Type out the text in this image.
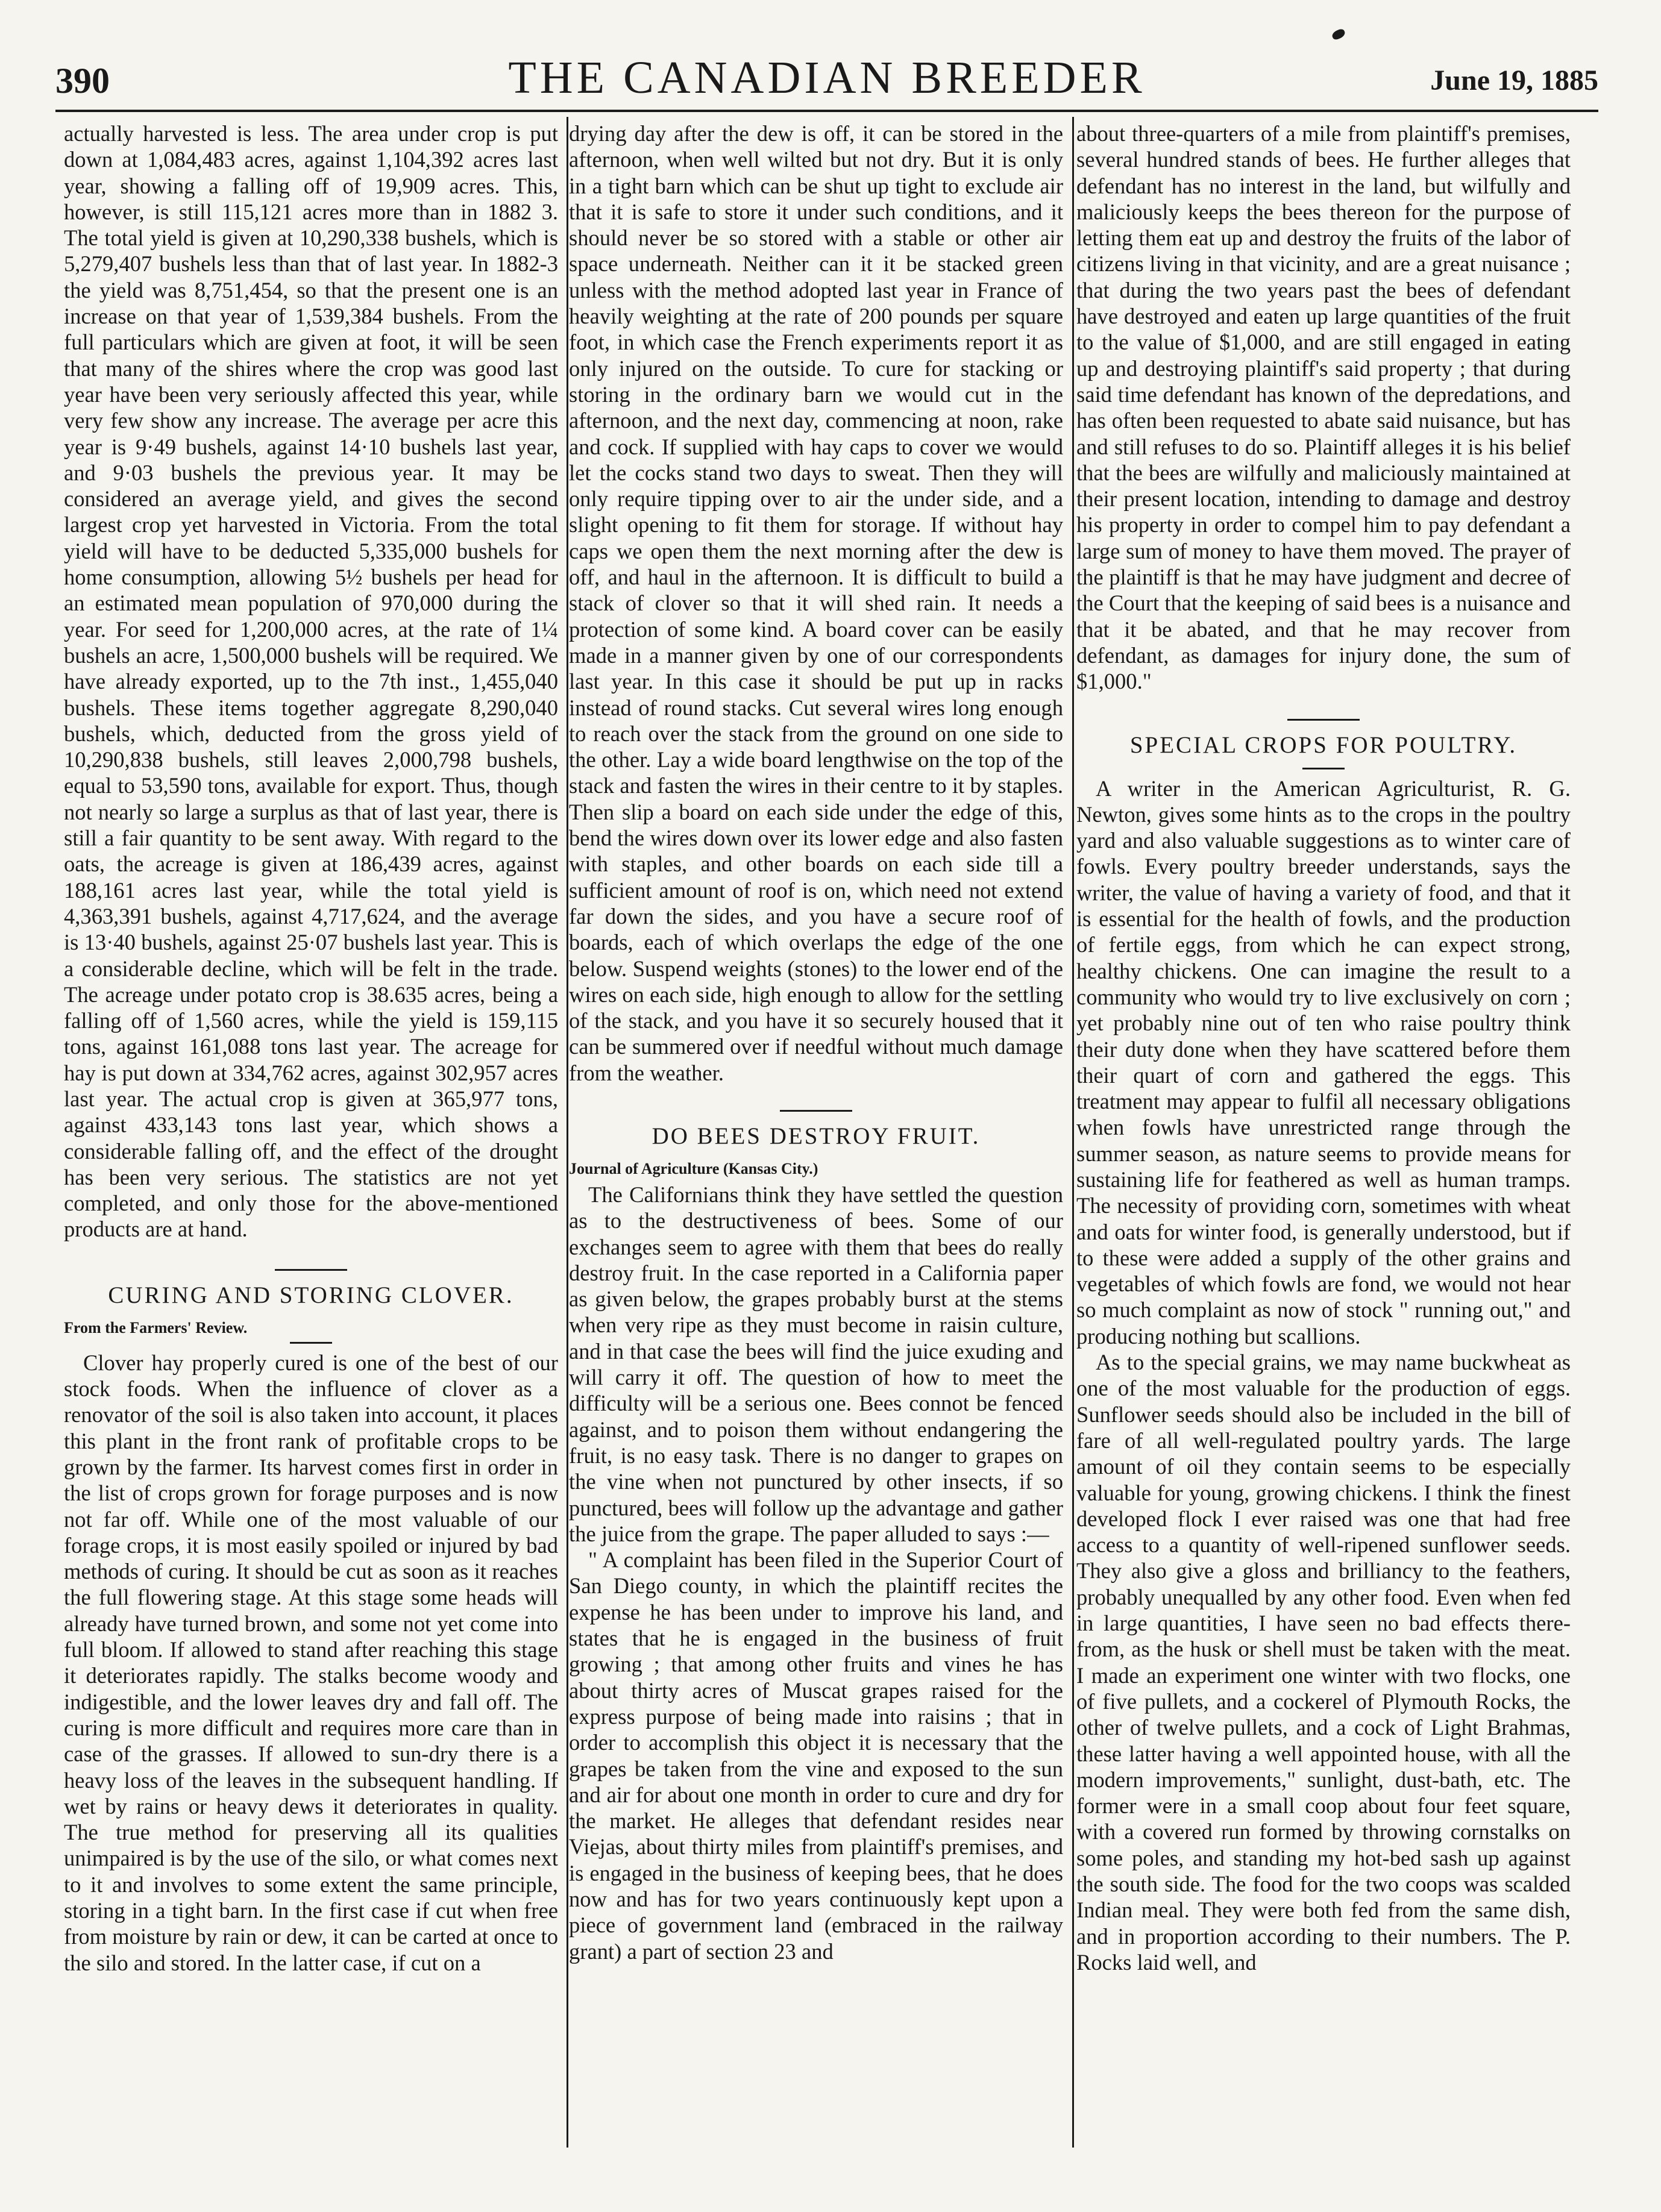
390	THE CANADIAN BREEDER	June 19, 1885

actually harvested is less. The area under crop is put down at 1,084,483 acres, against 1,104,392 acres last year, showing a falling off of 19,909 acres. This, however, is still 115,121 acres more than in 1882 3. The total yield is given at 10,290,338 bushels, which is 5,279,407 bushels less than that of last year. In 1882-3 the yield was 8,751,454, so that the present one is an increase on that year of 1,539,384 bushels. From the full particulars which are given at foot, it will be seen that many of the shires where the crop was good last year have been very seriously affected this year, while very few show any increase. The average per acre this year is 9·49 bushels, against 14·10 bushels last year, and 9·03 bushels the previous year. It may be considered an average yield, and gives the second largest crop yet harvested in Victoria. From the total yield will have to be deducted 5,335,000 bushels for home consumption, allowing 5½ bushels per head for an estimated mean population of 970,000 during the year. For seed for 1,200,000 acres, at the rate of 1¼ bushels an acre, 1,500,000 bushels will be required. We have already exported, up to the 7th inst., 1,455,040 bushels. These items together aggregate 8,290,040 bushels, which, deducted from the gross yield of 10,290,838 bushels, still leaves 2,000,798 bushels, equal to 53,590 tons, available for export. Thus, though not nearly so large a surplus as that of last year, there is still a fair quantity to be sent away. With regard to the oats, the acreage is given at 186,439 acres, against 188,161 acres last year, while the total yield is 4,363,391 bushels, against 4,717,624, and the average is 13·40 bushels, against 25·07 bushels last year. This is a considerable decline, which will be felt in the trade. The acreage under potato crop is 38.635 acres, being a falling off of 1,560 acres, while the yield is 159,115 tons, against 161,088 tons last year. The acreage for hay is put down at 334,762 acres, against 302,957 acres last year. The actual crop is given at 365,977 tons, against 433,143 tons last year, which shows a considerable falling off, and the effect of the drought has been very serious. The statistics are not yet completed, and only those for the above-mentioned products are at hand.

CURING AND STORING CLOVER.
From the Farmers' Review.

Clover hay properly cured is one of the best of our stock foods. When the influence of clover as a renovator of the soil is also taken into account, it places this plant in the front rank of profitable crops to be grown by the farmer. Its harvest comes first in order in the list of crops grown for forage purposes and is now not far off. While one of the most valuable of our forage crops, it is most easily spoiled or injured by bad methods of curing. It should be cut as soon as it reaches the full flowering stage. At this stage some heads will already have turned brown, and some not yet come into full bloom. If allowed to stand after reaching this stage it deteriorates rapidly. The stalks become woody and indigestible, and the lower leaves dry and fall off. The curing is more difficult and requires more care than in case of the grasses. If allowed to sun-dry there is a heavy loss of the leaves in the subsequent handling. If wet by rains or heavy dews it deteriorates in quality. The true method for preserving all its qualities unimpaired is by the use of the silo, or what comes next to it and involves to some extent the same principle, storing in a tight barn. In the first case if cut when free from moisture by rain or dew, it can be carted at once to the silo and stored. In the latter case, if cut on a

drying day after the dew is off, it can be stored in the afternoon, when well wilted but not dry. But it is only in a tight barn which can be shut up tight to exclude air that it is safe to store it under such conditions, and it should never be so stored with a stable or other air space underneath. Neither can it it be stacked green unless with the method adopted last year in France of heavily weighting at the rate of 200 pounds per square foot, in which case the French experiments report it as only injured on the outside. To cure for stacking or storing in the ordinary barn we would cut in the afternoon, and the next day, commencing at noon, rake and cock. If supplied with hay caps to cover we would let the cocks stand two days to sweat. Then they will only require tipping over to air the under side, and a slight opening to fit them for storage. If without hay caps we open them the next morning after the dew is off, and haul in the afternoon. It is difficult to build a stack of clover so that it will shed rain. It needs a protection of some kind. A board cover can be easily made in a manner given by one of our correspondents last year. In this case it should be put up in racks instead of round stacks. Cut several wires long enough to reach over the stack from the ground on one side to the other. Lay a wide board lengthwise on the top of the stack and fasten the wires in their centre to it by staples. Then slip a board on each side under the edge of this, bend the wires down over its lower edge and also fasten with staples, and other boards on each side till a sufficient amount of roof is on, which need not extend far down the sides, and you have a secure roof of boards, each of which overlaps the edge of the one below. Suspend weights (stones) to the lower end of the wires on each side, high enough to allow for the settling of the stack, and you have it so securely housed that it can be summered over if needful without much damage from the weather.

DO BEES DESTROY FRUIT.
Journal of Agriculture (Kansas City.)

The Californians think they have settled the question as to the destructiveness of bees. Some of our exchanges seem to agree with them that bees do really destroy fruit. In the case reported in a California paper as given below, the grapes probably burst at the stems when very ripe as they must become in raisin culture, and in that case the bees will find the juice exuding and will carry it off. The question of how to meet the difficulty will be a serious one. Bees connot be fenced against, and to poison them without endangering the fruit, is no easy task. There is no danger to grapes on the vine when not punctured by other insects, if so punctured, bees will follow up the advantage and gather the juice from the grape. The paper alluded to says :—

" A complaint has been filed in the Superior Court of San Diego county, in which the plaintiff recites the expense he has been under to improve his land, and states that he is engaged in the business of fruit growing ; that among other fruits and vines he has about thirty acres of Muscat grapes raised for the express purpose of being made into raisins ; that in order to accomplish this object it is necessary that the grapes be taken from the vine and exposed to the sun and air for about one month in order to cure and dry for the market. He alleges that defendant resides near Viejas, about thirty miles from plaintiff's premises, and is engaged in the business of keeping bees, that he does now and has for two years continuously kept upon a piece of government land (embraced in the railway grant) a part of section 23 and

about three-quarters of a mile from plaintiff's premises, several hundred stands of bees. He further alleges that defendant has no interest in the land, but wilfully and maliciously keeps the bees thereon for the purpose of letting them eat up and destroy the fruits of the labor of citizens living in that vicinity, and are a great nuisance ; that during the two years past the bees of defendant have destroyed and eaten up large quantities of the fruit to the value of $1,000, and are still engaged in eating up and destroying plaintiff's said property ; that during said time defendant has known of the depredations, and has often been requested to abate said nuisance, but has and still refuses to do so. Plaintiff alleges it is his belief that the bees are wilfully and maliciously maintained at their present location, intending to damage and destroy his property in order to compel him to pay defendant a large sum of money to have them moved. The prayer of the plaintiff is that he may have judgment and decree of the Court that the keeping of said bees is a nuisance and that it be abated, and that he may recover from defendant, as damages for injury done, the sum of $1,000."

SPECIAL CROPS FOR POULTRY.

A writer in the American Agriculturist, R. G. Newton, gives some hints as to the crops in the poultry yard and also valuable suggestions as to winter care of fowls. Every poultry breeder understands, says the writer, the value of having a variety of food, and that it is essential for the health of fowls, and the production of fertile eggs, from which he can expect strong, healthy chickens. One can imagine the result to a community who would try to live exclusively on corn ; yet probably nine out of ten who raise poultry think their duty done when they have scattered before them their quart of corn and gathered the eggs. This treatment may appear to fulfil all necessary obligations when fowls have unrestricted range through the summer season, as nature seems to provide means for sustaining life for feathered as well as human tramps. The necessity of providing corn, sometimes with wheat and oats for winter food, is generally understood, but if to these were added a supply of the other grains and vegetables of which fowls are fond, we would not hear so much complaint as now of stock " running out," and producing nothing but scallions.

As to the special grains, we may name buckwheat as one of the most valuable for the production of eggs. Sunflower seeds should also be included in the bill of fare of all well-regulated poultry yards. The large amount of oil they contain seems to be especially valuable for young, growing chickens. I think the finest developed flock I ever raised was one that had free access to a quantity of well-ripened sunflower seeds. They also give a gloss and brilliancy to the feathers, probably unequalled by any other food. Even when fed in large quantities, I have seen no bad effects there-from, as the husk or shell must be taken with the meat. I made an experiment one winter with two flocks, one of five pullets, and a cockerel of Plymouth Rocks, the other of twelve pullets, and a cock of Light Brahmas, these latter having a well appointed house, with all the modern improvements," sunlight, dust-bath, etc. The former were in a small coop about four feet square, with a covered run formed by throwing cornstalks on some poles, and standing my hot-bed sash up against the south side. The food for the two coops was scalded Indian meal. They were both fed from the same dish, and in proportion according to their numbers. The P. Rocks laid well, and
